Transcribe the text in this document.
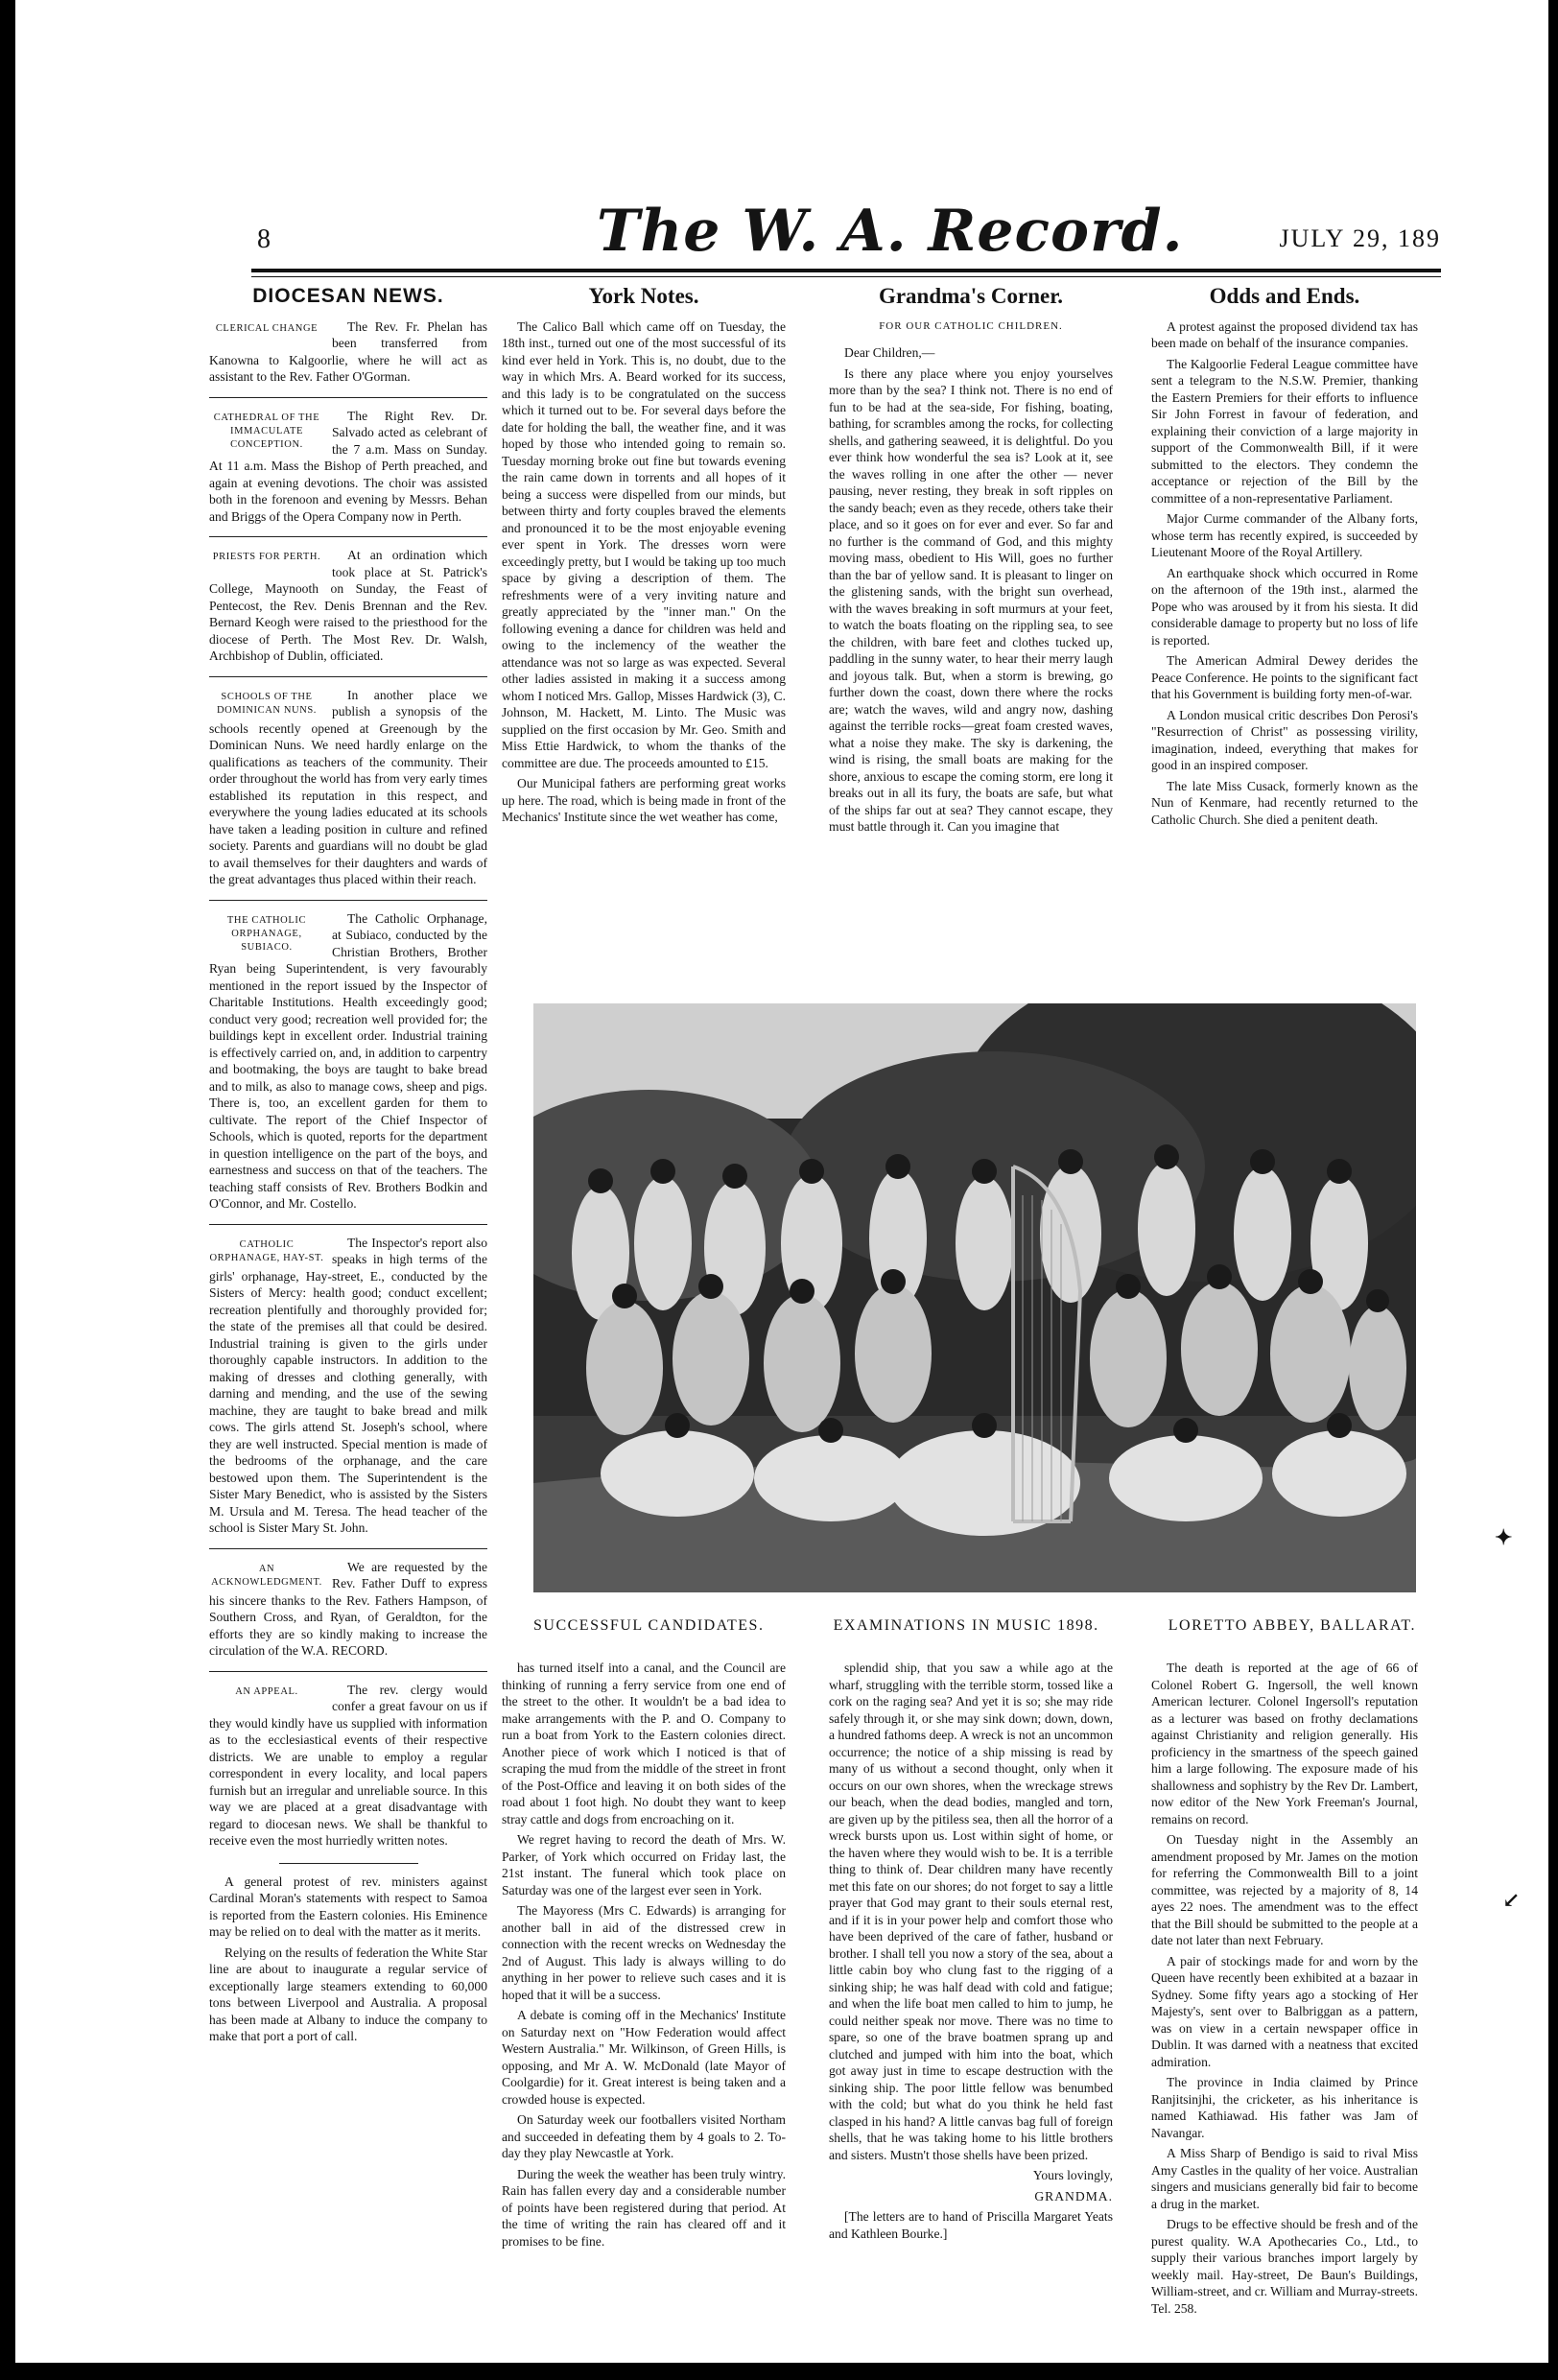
8	The W. A. Record.	JULY 29, 189
DIOCESAN NEWS.
CLERICAL CHANGE	The Rev. Fr. Phelan has been transferred from Kanowna to Kalgoorlie, where he will act as assistant to the Rev. Father O'Gorman.

CATHEDRAL OF THE IMMACULATE CONCEPTION.

The Right Rev. Dr. Salvado acted as celebrant of the 7 a.m. Mass on Sunday. At 11 a.m. Mass the Bishop of Perth preached, and again at evening devotions. The choir was assisted both in the forenoon and evening by Messrs. Behan and Briggs of the Opera Company now in Perth.

PRIESTS FOR PERTH.	At an ordination which took place at St. Patrick's College, Maynooth on Sunday, the Feast of Pentecost, the Rev. Denis Brennan and the Rev. Bernard Keogh were raised to the priesthood for the diocese of Perth. The Most Rev. Dr. Walsh, Archbishop of Dublin, officiated.

SCHOOLS OF THE DOMINICAN NUNS.

In another place we publish a synopsis of the schools recently opened at Greenough by the Dominican Nuns. We need hardly enlarge on the qualifications as teachers of the community. Their order throughout the world has from very early times established its reputation in this respect, and everywhere the young ladies educated at its schools have taken a leading position in culture and refined society. Parents and guardians will no doubt be glad to avail themselves for their daughters and wards of the great advantages thus placed within their reach.

THE CATHOLIC ORPHANAGE, SUBIACO.

The Catholic Orphanage, at Subiaco, conducted by the Christian Brothers, Brother Ryan being Superintendent, is very favourably mentioned in the report issued by the Inspector of Charitable Institutions. Health exceedingly good; conduct very good; recreation well provided for; the buildings kept in excellent order. Industrial training is effectively carried on, and, in addition to carpentry and bootmaking, the boys are taught to bake bread and to milk, as also to manage cows, sheep and pigs. There is, too, an excellent garden for them to cultivate. The report of the Chief Inspector of Schools, which is quoted, reports for the department in question intelligence on the part of the boys, and earnestness and success on that of the teachers. The teaching staff consists of Rev. Brothers Bodkin and O'Connor, and Mr. Costello.

CATHOLIC ORPHANAGE, HAY-ST.

The Inspector's report also speaks in high terms of the girls' orphanage, Hay-street, E., conducted by the Sisters of Mercy: health good; conduct excellent; recreation plentifully and thoroughly provided for; the state of the premises all that could be desired. Industrial training is given to the girls under thoroughly capable instructors. In addition to the making of dresses and clothing generally, with darning and mending, and the use of the sewing machine, they are taught to bake bread and milk cows. The girls attend St. Joseph's school, where they are well instructed. Special mention is made of the bedrooms of the orphanage, and the care bestowed upon them. The Superintendent is the Sister Mary Benedict, who is assisted by the Sisters M. Ursula and M. Teresa. The head teacher of the school is Sister Mary St. John.

AN ACKNOWLEDGMENT.

We are requested by the Rev. Father Duff to express his sincere thanks to the Rev. Fathers Hampson, of Southern Cross, and Ryan, of Geraldton, for the efforts they are so kindly making to increase the circulation of the W.A. RECORD.

AN APPEAL.	The rev. clergy would confer a great favour on us if they would kindly have us supplied with information as to the ecclesiastical events of their respective districts. We are unable to employ a regular correspondent in every locality, and local papers furnish but an irregular and unreliable source. In this way we are placed at a great disadvantage with regard to diocesan news. We shall be thankful to receive even the most hurriedly written notes.

A general protest of rev. ministers against Cardinal Moran's statements with respect to Samoa is reported from the Eastern colonies. His Eminence may be relied on to deal with the matter as it merits.

Relying on the results of federation the White Star line are about to inaugurate a regular service of exceptionally large steamers extending to 60,000 tons between Liverpool and Australia. A proposal has been made at Albany to induce the company to make that port a port of call.

York Notes.

The Calico Ball which came off on Tuesday, the 18th inst., turned out one of the most successful of its kind ever held in York. This is, no doubt, due to the way in which Mrs. A. Beard worked for its success, and this lady is to be congratulated on the success which it turned out to be. For several days before the date for holding the ball, the weather fine, and it was hoped by those who intended going to remain so. Tuesday morning broke out fine but towards evening the rain came down in torrents and all hopes of it being a success were dispelled from our minds, but between thirty and forty couples braved the elements and pronounced it to be the most enjoyable evening ever spent in York. The dresses worn were exceedingly pretty, but I would be taking up too much space by giving a description of them. The refreshments were of a very inviting nature and greatly appreciated by the "inner man." On the following evening a dance for children was held and owing to the inclemency of the weather the attendance was not so large as was expected. Several other ladies assisted in making it a success among whom I noticed Mrs. Gallop, Misses Hardwick (3), C. Johnson, M. Hackett, M. Linto. The Music was supplied on the first occasion by Mr. Geo. Smith and Miss Ettie Hardwick, to whom the thanks of the committee are due. The proceeds amounted to £15.

Our Municipal fathers are performing great works up here. The road, which is being made in front of the Mechanics' Institute since the wet weather has come,

Grandma's Corner.
FOR OUR CATHOLIC CHILDREN.

Dear Children,—

Is there any place where you enjoy yourselves more than by the sea? I think not. There is no end of fun to be had at the sea-side, For fishing, boating, bathing, for scrambles among the rocks, for collecting shells, and gathering seaweed, it is delightful. Do you ever think how wonderful the sea is? Look at it, see the waves rolling in one after the other — never pausing, never resting, they break in soft ripples on the sandy beach; even as they recede, others take their place, and so it goes on for ever and ever. So far and no further is the command of God, and this mighty moving mass, obedient to His Will, goes no further than the bar of yellow sand. It is pleasant to linger on the glistening sands, with the bright sun overhead, with the waves breaking in soft murmurs at your feet, to watch the boats floating on the rippling sea, to see the children, with bare feet and clothes tucked up, paddling in the sunny water, to hear their merry laugh and joyous talk. But, when a storm is brewing, go further down the coast, down there where the rocks are; watch the waves, wild and angry now, dashing against the terrible rocks—great foam crested waves, what a noise they make. The sky is darkening, the wind is rising, the small boats are making for the shore, anxious to escape the coming storm, ere long it breaks out in all its fury, the boats are safe, but what of the ships far out at sea? They cannot escape, they must battle through it. Can you imagine that

Odds and Ends.

A protest against the proposed dividend tax has been made on behalf of the insurance companies.

The Kalgoorlie Federal League committee have sent a telegram to the N.S.W. Premier, thanking the Eastern Premiers for their efforts to influence Sir John Forrest in favour of federation, and explaining their conviction of a large majority in support of the Commonwealth Bill, if it were submitted to the electors. They condemn the acceptance or rejection of the Bill by the committee of a non-representative Parliament.

Major Curme commander of the Albany forts, whose term has recently expired, is succeeded by Lieutenant Moore of the Royal Artillery.

An earthquake shock which occurred in Rome on the afternoon of the 19th inst., alarmed the Pope who was aroused by it from his siesta. It did considerable damage to property but no loss of life is reported.

The American Admiral Dewey derides the Peace Conference. He points to the significant fact that his Government is building forty men-of-war.

A London musical critic describes Don Perosi's "Resurrection of Christ" as possessing virility, imagination, indeed, everything that makes for good in an inspired composer.

The late Miss Cusack, formerly known as the Nun of Kenmare, had recently returned to the Catholic Church. She died a penitent death.

SUCCESSFUL CANDIDATES.	EXAMINATIONS IN MUSIC 1898.	LORETTO ABBEY, BALLARAT.

has turned itself into a canal, and the Council are thinking of running a ferry service from one end of the street to the other. It wouldn't be a bad idea to make arrangements with the P. and O. Company to run a boat from York to the Eastern colonies direct. Another piece of work which I noticed is that of scraping the mud from the middle of the street in front of the Post-Office and leaving it on both sides of the road about 1 foot high. No doubt they want to keep stray cattle and dogs from encroaching on it.

We regret having to record the death of Mrs. W. Parker, of York which occurred on Friday last, the 21st instant. The funeral which took place on Saturday was one of the largest ever seen in York.

The Mayoress (Mrs C. Edwards) is arranging for another ball in aid of the distressed crew in connection with the recent wrecks on Wednesday the 2nd of August. This lady is always willing to do anything in her power to relieve such cases and it is hoped that it will be a success.

A debate is coming off in the Mechanics' Institute on Saturday next on "How Federation would affect Western Australia." Mr. Wilkinson, of Green Hills, is opposing, and Mr A. W. McDonald (late Mayor of Coolgardie) for it. Great interest is being taken and a crowded house is expected.

On Saturday week our footballers visited Northam and succeeded in defeating them by 4 goals to 2. To-day they play Newcastle at York.

During the week the weather has been truly wintry. Rain has fallen every day and a considerable number of points have been registered during that period. At the time of writing the rain has cleared off and it promises to be fine.

splendid ship, that you saw a while ago at the wharf, struggling with the terrible storm, tossed like a cork on the raging sea? And yet it is so; she may ride safely through it, or she may sink down; down, down, a hundred fathoms deep. A wreck is not an uncommon occurrence; the notice of a ship missing is read by many of us without a second thought, only when it occurs on our own shores, when the wreckage strews our beach, when the dead bodies, mangled and torn, are given up by the pitiless sea, then all the horror of a wreck bursts upon us. Lost within sight of home, or the haven where they would wish to be. It is a terrible thing to think of. Dear children many have recently met this fate on our shores; do not forget to say a little prayer that God may grant to their souls eternal rest, and if it is in your power help and comfort those who have been deprived of the care of father, husband or brother. I shall tell you now a story of the sea, about a little cabin boy who clung fast to the rigging of a sinking ship; he was half dead with cold and fatigue; and when the life boat men called to him to jump, he could neither speak nor move. There was no time to spare, so one of the brave boatmen sprang up and clutched and jumped with him into the boat, which got away just in time to escape destruction with the sinking ship. The poor little fellow was benumbed with the cold; but what do you think he held fast clasped in his hand? A little canvas bag full of foreign shells, that he was taking home to his little brothers and sisters. Mustn't those shells have been prized.

Yours lovingly,

GRANDMA.

[The letters are to hand of Priscilla Margaret Yeats and Kathleen Bourke.]

The death is reported at the age of 66 of Colonel Robert G. Ingersoll, the well known American lecturer. Colonel Ingersoll's reputation as a lecturer was based on frothy declamations against Christianity and religion generally. His proficiency in the smartness of the speech gained him a large following. The exposure made of his shallowness and sophistry by the Rev Dr. Lambert, now editor of the New York Freeman's Journal, remains on record.

On Tuesday night in the Assembly an amendment proposed by Mr. James on the motion for referring the Commonwealth Bill to a joint committee, was rejected by a majority of 8, 14 ayes 22 noes. The amendment was to the effect that the Bill should be submitted to the people at a date not later than next February.

A pair of stockings made for and worn by the Queen have recently been exhibited at a bazaar in Sydney. Some fifty years ago a stocking of Her Majesty's, sent over to Balbriggan as a pattern, was on view in a certain newspaper office in Dublin. It was darned with a neatness that excited admiration.

The province in India claimed by Prince Ranjitsinjhi, the cricketer, as his inheritance is named Kathiawad. His father was Jam of Navangar.

A Miss Sharp of Bendigo is said to rival Miss Amy Castles in the quality of her voice. Australian singers and musicians generally bid fair to become a drug in the market.

Drugs to be effective should be fresh and of the purest quality. W.A Apothecaries Co., Ltd., to supply their various branches import largely by weekly mail. Hay-street, De Baun's Buildings, William-street, and cr. William and Murray-streets. Tel. 258.

✦
↙
